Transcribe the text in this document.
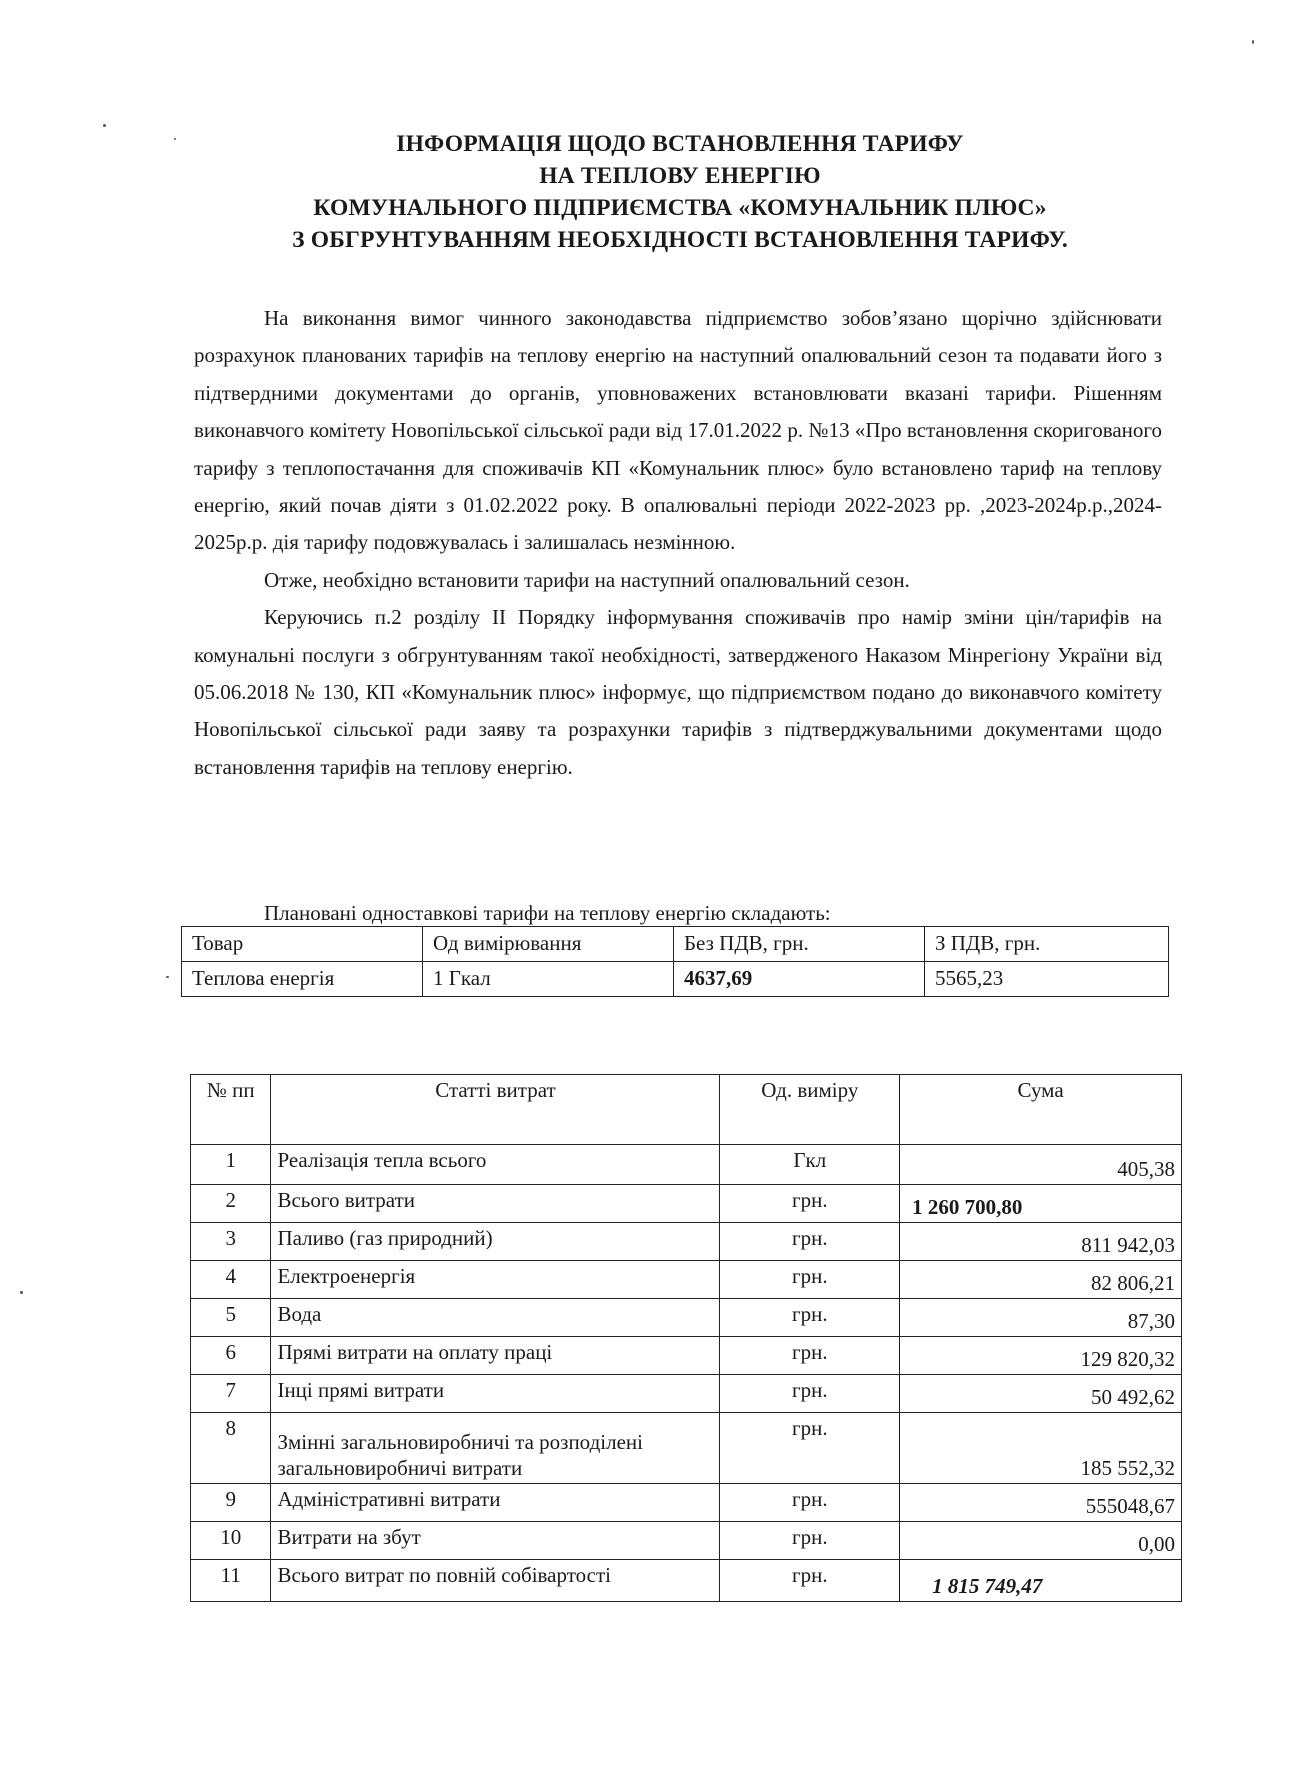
ІНФОРМАЦІЯ ЩОДО ВСТАНОВЛЕННЯ ТАРИФУ
НА ТЕПЛОВУ ЕНЕРГІЮ
КОМУНАЛЬНОГО ПІДПРИЄМСТВА «КОМУНАЛЬНИК ПЛЮС»
З ОБГРУНТУВАННЯМ НЕОБХІДНОСТІ ВСТАНОВЛЕННЯ ТАРИФУ.

На виконання вимог чинного законодавства підприємство зобов’язано щорічно здійснювати розрахунок планованих тарифів на теплову енергію на наступний опалювальний сезон та подавати його з підтвердними документами до органів, уповноважених встановлювати вказані тарифи. Рішенням виконавчого комітету Новопільської сільської ради від 17.01.2022 р. №13 «Про встановлення скоригованого тарифу з теплопостачання для споживачів КП «Комунальник плюс» було встановлено тариф на теплову енергію, який почав діяти з 01.02.2022 року. В опалювальні періоди 2022-2023 рр. ,2023-2024р.р.,2024-2025р.р. дія тарифу подовжувалась і залишалась незмінною.

Отже, необхідно встановити тарифи на наступний опалювальний сезон.

Керуючись п.2 розділу ІІ Порядку інформування споживачів про намір зміни цін/тарифів на комунальні послуги з обгрунтуванням такої необхідності, затвердженого Наказом Мінрегіону України від 05.06.2018 № 130, КП «Комунальник плюс» інформує, що підприємством подано до виконавчого комітету Новопільської сільської ради заяву та розрахунки тарифів з підтверджувальними документами щодо встановлення тарифів на теплову енергію.

Плановані одноставкові тарифи на теплову енергію складають:
Товар	Од вимірювання	Без ПДВ, грн.	З ПДВ, грн.
Теплова енергія	1 Гкал	4637,69	5565,23
№ пп	Статті витрат	Од. виміру	Сума
1	Реалізація тепла всього	Гкл	405,38
2	Всього витрати	грн.	1 260 700,80
3	Паливо (газ природний)	грн.	811 942,03
4	Електроенергія	грн.	82 806,21
5	Вода	грн.	87,30
6	Прямі витрати на оплату праці	грн.	129 820,32
7	Інці прямі витрати	грн.	50 492,62
8	Змінні загальновиробничі та розподілені загальновиробничі витрати	грн.	185 552,32
9	Адміністративні витрати	грн.	555048,67
10	Витрати на збут	грн.	0,00
11	Всього витрат по повній собівартості	грн.	1 815 749,47
